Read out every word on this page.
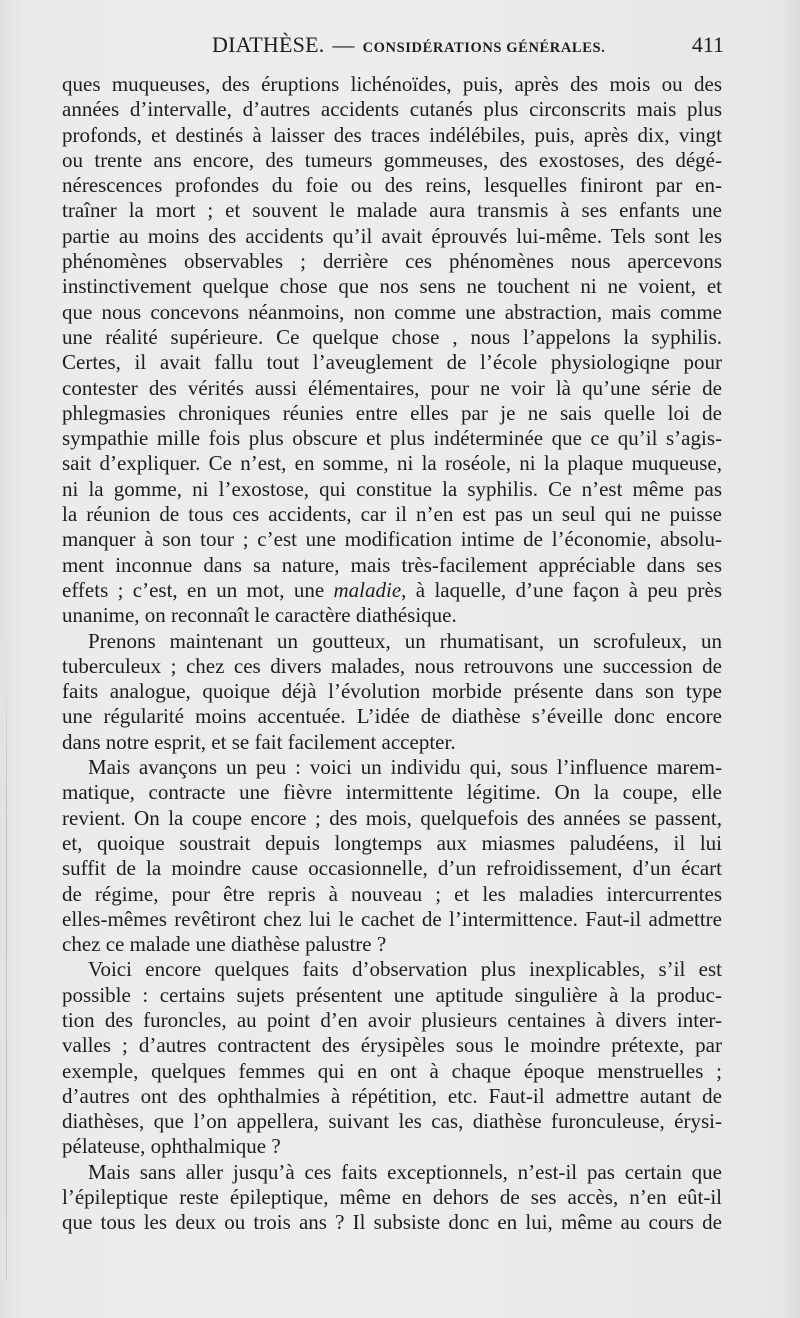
DIATHÈSE. — CONSIDÉRATIONS GÉNÉRALES.	411

ques muqueuses, des éruptions lichénoïdes, puis, après des mois ou des
années d’intervalle, d’autres accidents cutanés plus circonscrits mais plus
profonds, et destinés à laisser des traces indélébiles, puis, après dix, vingt
ou trente ans encore, des tumeurs gommeuses, des exostoses, des dégé-
nérescences profondes du foie ou des reins, lesquelles finiront par en-
traîner la mort ; et souvent le malade aura transmis à ses enfants une
partie au moins des accidents qu’il avait éprouvés lui-même. Tels sont les
phénomènes observables ; derrière ces phénomènes nous apercevons
instinctivement quelque chose que nos sens ne touchent ni ne voient, et
que nous concevons néanmoins, non comme une abstraction, mais comme
une réalité supérieure. Ce quelque chose , nous l’appelons la syphilis.
Certes, il avait fallu tout l’aveuglement de l’école physiologiqne pour
contester des vérités aussi élémentaires, pour ne voir là qu’une série de
phlegmasies chroniques réunies entre elles par je ne sais quelle loi de
sympathie mille fois plus obscure et plus indéterminée que ce qu’il s’agis-
sait d’expliquer. Ce n’est, en somme, ni la roséole, ni la plaque muqueuse,
ni la gomme, ni l’exostose, qui constitue la syphilis. Ce n’est même pas
la réunion de tous ces accidents, car il n’en est pas un seul qui ne puisse
manquer à son tour ; c’est une modification intime de l’économie, absolu-
ment inconnue dans sa nature, mais très-facilement appréciable dans ses
effets ; c’est, en un mot, une maladie, à laquelle, d’une façon à peu près
unanime, on reconnaît le caractère diathésique.

Prenons maintenant un goutteux, un rhumatisant, un scrofuleux, un
tuberculeux ; chez ces divers malades, nous retrouvons une succession de
faits analogue, quoique déjà l’évolution morbide présente dans son type
une régularité moins accentuée. L’idée de diathèse s’éveille donc encore
dans notre esprit, et se fait facilement accepter.

Mais avançons un peu : voici un individu qui, sous l’influence marem-
matique, contracte une fièvre intermittente légitime. On la coupe, elle
revient. On la coupe encore ; des mois, quelquefois des années se passent,
et, quoique soustrait depuis longtemps aux miasmes paludéens, il lui
suffit de la moindre cause occasionnelle, d’un refroidissement, d’un écart
de régime, pour être repris à nouveau ; et les maladies intercurrentes
elles-mêmes revêtiront chez lui le cachet de l’intermittence. Faut-il admettre
chez ce malade une diathèse palustre ?

Voici encore quelques faits d’observation plus inexplicables, s’il est
possible : certains sujets présentent une aptitude singulière à la produc-
tion des furoncles, au point d’en avoir plusieurs centaines à divers inter-
valles ; d’autres contractent des érysipèles sous le moindre prétexte, par
exemple, quelques femmes qui en ont à chaque époque menstruelles ;
d’autres ont des ophthalmies à répétition, etc. Faut-il admettre autant de
diathèses, que l’on appellera, suivant les cas, diathèse furonculeuse, érysi-
pélateuse, ophthalmique ?

Mais sans aller jusqu’à ces faits exceptionnels, n’est-il pas certain que
l’épileptique reste épileptique, même en dehors de ses accès, n’en eût-il
que tous les deux ou trois ans ? Il subsiste donc en lui, même au cours de
